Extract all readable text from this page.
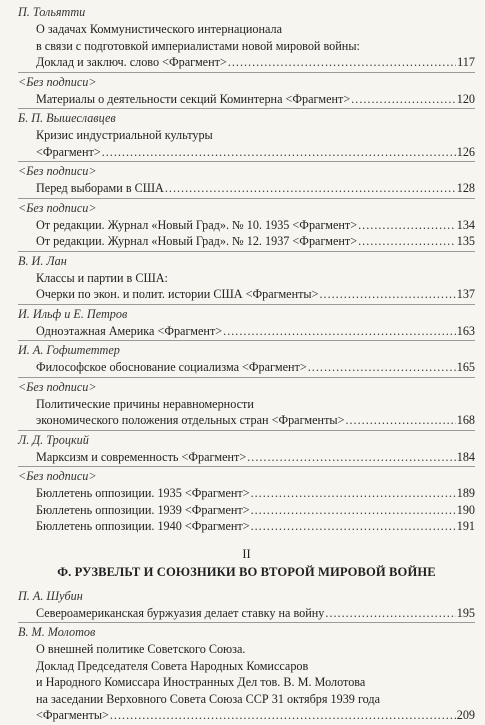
П. Тольятти
О задачах Коммунистического интернационала
в связи с подготовкой империалистами новой мировой войны:
Доклад и заключ. слово <Фрагмент> .....	117
<Без подписи>
Материалы о деятельности секций Коминтерна <Фрагмент> .....	120
Б. П. Вышеславцев
Кризис индустриальной культуры
<Фрагмент> .....	126
<Без подписи>
Перед выборами в США .....	128
<Без подписи>
От редакции. Журнал «Новый Град». № 10. 1935 <Фрагмент> .....	134
От редакции. Журнал «Новый Град». № 12. 1937 <Фрагмент> .....	135
В. И. Лан
Классы и партии в США:
Очерки по экон. и полит. истории США <Фрагменты> .....	137
И. Ильф и Е. Петров
Одноэтажная Америка <Фрагмент> .....	163
И. А. Гофштеттер
Философское обоснование социализма <Фрагмент> .....	165
<Без подписи>
Политические причины неравномерности
экономического положения отдельных стран <Фрагменты> .....	168
Л. Д. Троцкий
Марксизм и современность <Фрагмент> .....	184
<Без подписи>
Бюллетень оппозиции. 1935 <Фрагмент> .....	189
Бюллетень оппозиции. 1939 <Фрагмент> .....	190
Бюллетень оппозиции. 1940 <Фрагмент> .....	191
II
Ф. РУЗВЕЛЬТ И СОЮЗНИКИ ВО ВТОРОЙ МИРОВОЙ ВОЙНЕ
П. А. Шубин
Североамериканская буржуазия делает ставку на войну .....	195
В. М. Молотов
О внешней политике Советского Союза.
Доклад Председателя Совета Народных Комиссаров
и Народного Комиссара Иностранных Дел тов. В. М. Молотова
на заседании Верховного Совета Союза ССР 31 октября 1939 года
<Фрагменты> .....	209
